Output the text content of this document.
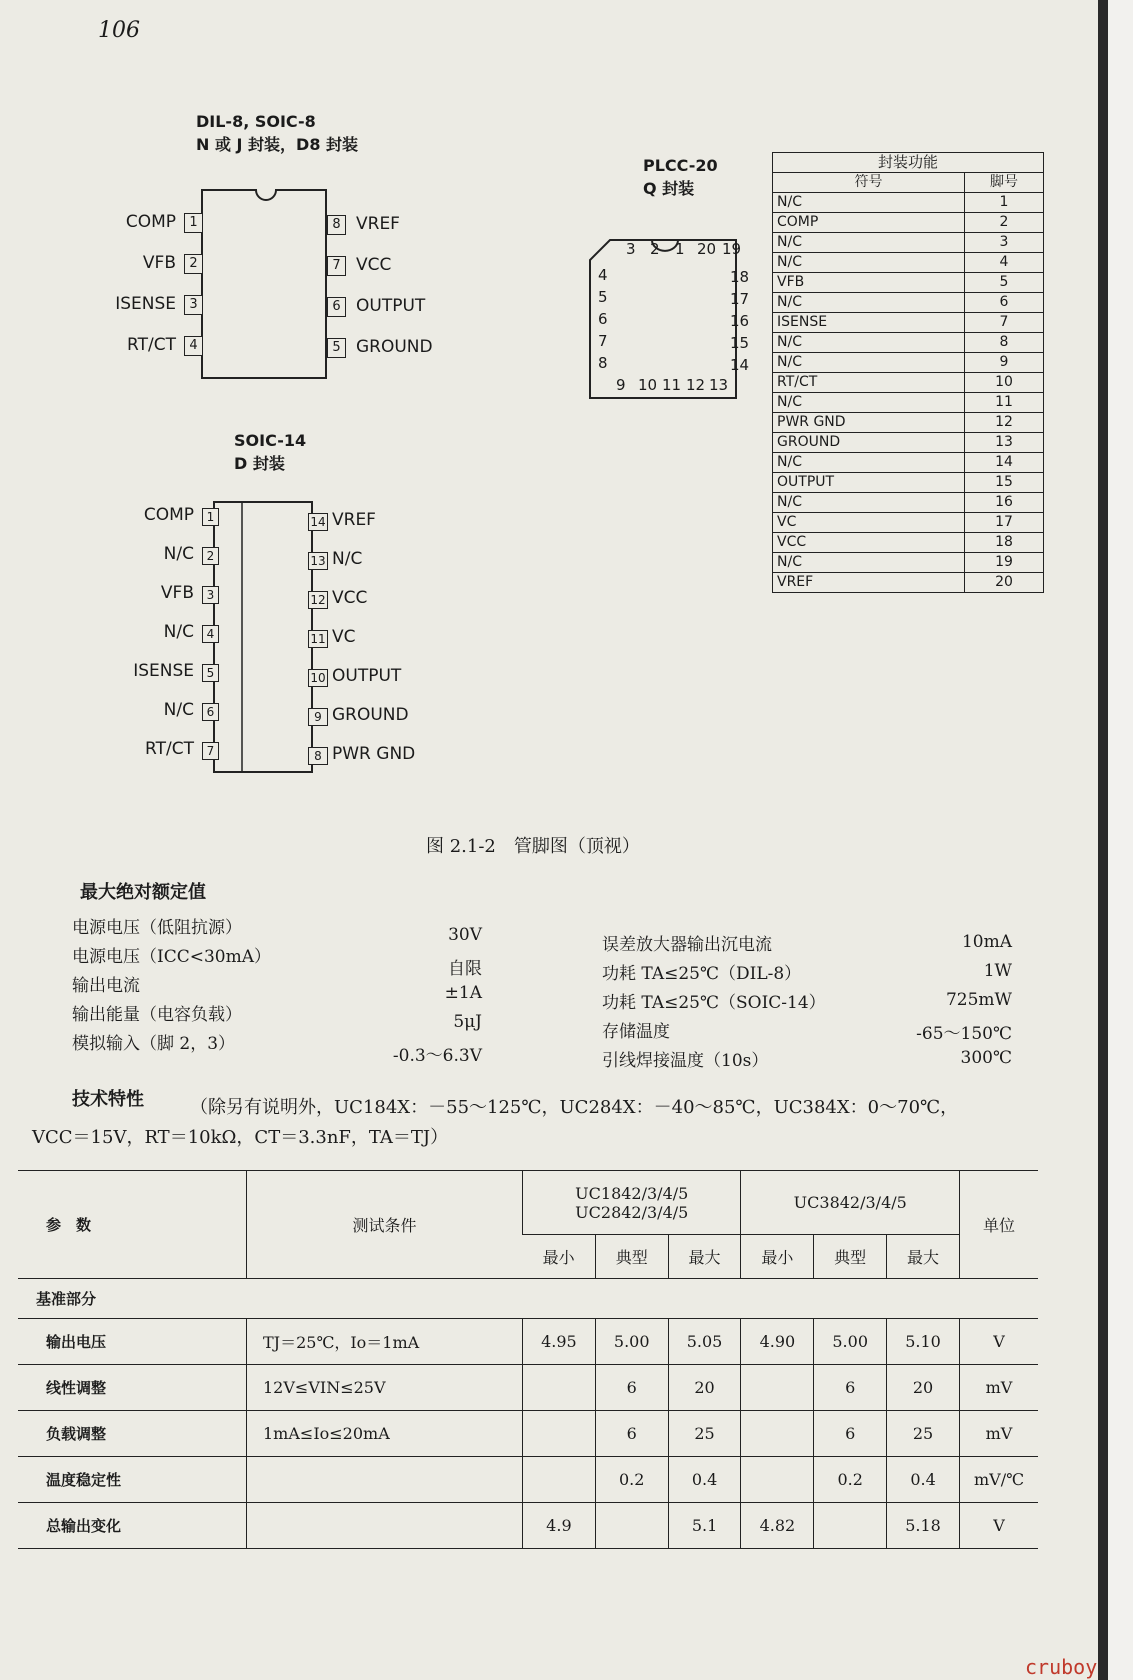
106
DIL-8, SOIC-8
N 或 J 封装，D8 封装
1
COMP
2
VFB
3
ISENSE
4
RT/CT
8 VREF
7 VCC
6 OUTPUT
5 GROUND
PLCC-20
Q 封装
3 2 1 20 19
4
5
6
7
8
18
17
16
15
14
9 10 11 12 13
封装功能	
符号	脚号
N/C	1
COMP	2
N/C	3
N/C	4
VFB	5
N/C	6
ISENSE	7
N/C	8
N/C	9
RT/CT	10
N/C	11
PWR GND	12
GROUND	13
N/C	14
OUTPUT	15
N/C	16
VC	17
VCC	18
N/C	19
VREF	20
SOIC-14
D 封装
1
COMP
2
N/C
3
VFB
4
N/C
5
ISENSE
6
N/C
7
RT/CT
14 VREF
13 N/C
12 VCC
11 VC
10 OUTPUT
9 GROUND
8 PWR GND
图 2.1-2　管脚图（顶视）
最大绝对额定值
电源电压（低阻抗源）	30V
电源电压（ICC<30mA）
自限
输出电流	±1A
输出能量（电容负载）	5μJ
模拟输入（脚 2，3）
-0.3～6.3V
误差放大器输出沉电流	10mA
功耗 TA≤25℃（DIL-8）	1W
功耗 TA≤25℃（SOIC-14）	725mW
存储温度	-65～150℃
引线焊接温度（10s）	300℃
技术特性	（除另有说明外，UC184X：－55～125℃，UC284X：－40～85℃，UC384X：0～70℃，
VCC＝15V，RT＝10kΩ，CT＝3.3nF，TA＝TJ）
参　数	测试条件	UC1842/3/4/5
UC2842/3/4/5			UC3842/3/4/5			单位
		最小	典型	最大	最小	典型	最大	
基准部分								
输出电压	TJ＝25℃，Io＝1mA	4.95	5.00	5.05	4.90	5.00	5.10	V
线性调整	12V≤VIN≤25V		6	20		6	20	mV
负载调整	1mA≤Io≤20mA		6	25		6	25	mV
温度稳定性			0.2	0.4		0.2	0.4	mV/℃
总输出变化		4.9		5.1	4.82		5.18	V

cruboy
